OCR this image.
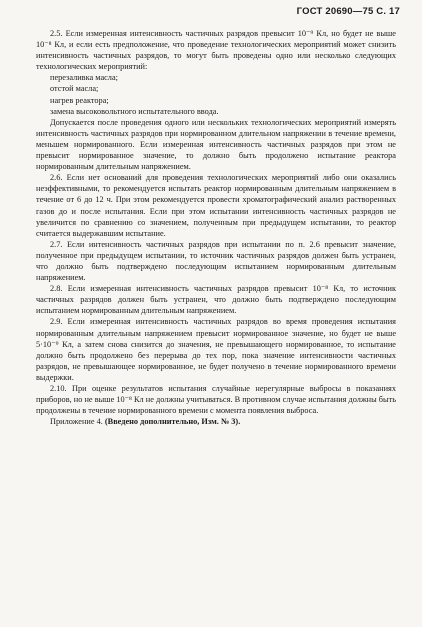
ГОСТ 20690—75 С. 17

2.5. Если измеренная интенсивность частичных разрядов превысит 10⁻⁹ Кл, но будет не выше 10⁻⁸ Кл, и если есть предположение, что проведение технологических мероприятий может снизить интенсивность частичных разрядов, то могут быть проведены одно или несколько следующих технологических мероприятий:

перезаливка масла;

отстой масла;

нагрев реактора;

замена высоковольтного испытательного ввода.

Допускается после проведения одного или нескольких технологических мероприятий измерять интенсивность частичных разрядов при нормированном длительном напряжении в течение времени, меньшем нормированного. Если измеренная интенсивность частичных разрядов при этом не превысит нормированное значение, то должно быть продолжено испытание реактора нормированным длительным напряжением.

2.6. Если нет оснований для проведения технологических мероприятий либо они оказались неэффективными, то рекомендуется испытать реактор нормированным длительным напряжением в течение от 6 до 12 ч. При этом рекомендуется провести хроматографический анализ растворенных газов до и после испытания. Если при этом испытании интенсивность частичных разрядов не увеличится по сравнению со значением, полученным при предыдущем испытании, то реактор считается выдержавшим испытание.

2.7. Если интенсивность частичных разрядов при испытании по п. 2.6 превысит значение, полученное при предыдущем испытании, то источник частичных разрядов должен быть устранен, что должно быть подтверждено последующим испытанием нормированным длительным напряжением.

2.8. Если измеренная интенсивность частичных разрядов превысит 10⁻⁸ Кл, то источник частичных разрядов должен быть устранен, что должно быть подтверждено последующим испытанием нормированным длительным напряжением.

2.9. Если измеренная интенсивность частичных разрядов во время проведения испытания нормированным длительным напряжением превысит нормированное значение, но будет не выше 5·10⁻⁹ Кл, а затем снова снизится до значения, не превышающего нормированное, то испытание должно быть продолжено без перерыва до тех пор, пока значение интенсивности частичных разрядов, не превышающее нормированное, не будет получено в течение нормированного времени выдержки.

2.10. При оценке результатов испытания случайные нерегулярные выбросы в показаниях приборов, но не выше 10⁻⁸ Кл не должны учитываться. В противном случае испытания должны быть продолжены в течение нормированного времени с момента появления выброса.

Приложение 4. (Введено дополнительно, Изм. № 3).
